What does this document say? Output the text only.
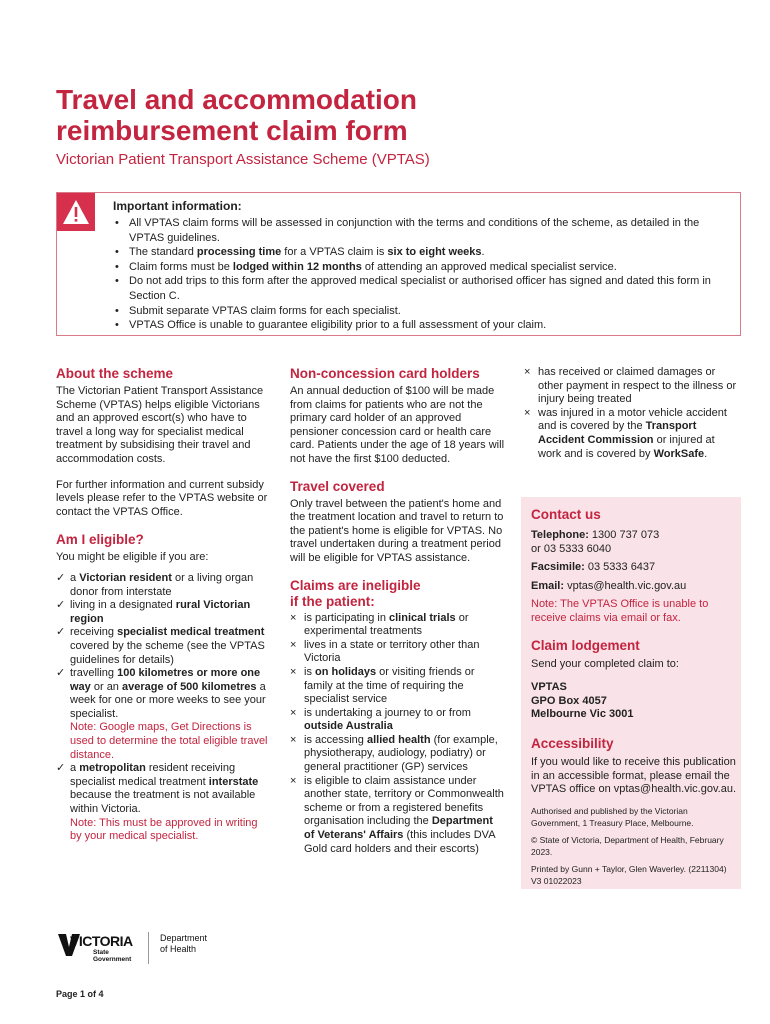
Travel and accommodation reimbursement claim form
Victorian Patient Transport Assistance Scheme (VPTAS)
Important information:
• All VPTAS claim forms will be assessed in conjunction with the terms and conditions of the scheme, as detailed in the VPTAS guidelines.
• The standard processing time for a VPTAS claim is six to eight weeks.
• Claim forms must be lodged within 12 months of attending an approved medical specialist service.
• Do not add trips to this form after the approved medical specialist or authorised officer has signed and dated this form in Section C.
• Submit separate VPTAS claim forms for each specialist.
• VPTAS Office is unable to guarantee eligibility prior to a full assessment of your claim.
About the scheme
The Victorian Patient Transport Assistance Scheme (VPTAS) helps eligible Victorians and an approved escort(s) who have to travel a long way for specialist medical treatment by subsidising their travel and accommodation costs.
For further information and current subsidy levels please refer to the VPTAS website or contact the VPTAS Office.
Am I eligible?
You might be eligible if you are:
✓ a Victorian resident or a living organ donor from interstate
✓ living in a designated rural Victorian region
✓ receiving specialist medical treatment covered by the scheme (see the VPTAS guidelines for details)
✓ travelling 100 kilometres or more one way or an average of 500 kilometres a week for one or more weeks to see your specialist.
Note: Google maps, Get Directions is used to determine the total eligible travel distance.
✓ a metropolitan resident receiving specialist medical treatment interstate because the treatment is not available within Victoria.
Note: This must be approved in writing by your medical specialist.
Non-concession card holders
An annual deduction of $100 will be made from claims for patients who are not the primary card holder of an approved pensioner concession card or health care card. Patients under the age of 18 years will not have the first $100 deducted.
Travel covered
Only travel between the patient's home and the treatment location and travel to return to the patient's home is eligible for VPTAS. No travel undertaken during a treatment period will be eligible for VPTAS assistance.
Claims are ineligible
if the patient:
× is participating in clinical trials or experimental treatments
× lives in a state or territory other than Victoria
× is on holidays or visiting friends or family at the time of requiring the specialist service
× is undertaking a journey to or from outside Australia
× is accessing allied health (for example, physiotherapy, audiology, podiatry) or general practitioner (GP) services
× is eligible to claim assistance under another state, territory or Commonwealth scheme or from a registered benefits organisation including the Department of Veterans' Affairs (this includes DVA Gold card holders and their escorts)
× has received or claimed damages or other payment in respect to the illness or injury being treated
× was injured in a motor vehicle accident and is covered by the Transport Accident Commission or injured at work and is covered by WorkSafe.
Contact us
Telephone: 1300 737 073
or 03 5333 6040
Facsimile: 03 5333 6437
Email: vptas@health.vic.gov.au
Note: The VPTAS Office is unable to receive claims via email or fax.
Claim lodgement
Send your completed claim to:
VPTAS
GPO Box 4057
Melbourne Vic 3001
Accessibility
If you would like to receive this publication in an accessible format, please email the VPTAS office on vptas@health.vic.gov.au.
Authorised and published by the Victorian Government, 1 Treasury Place, Melbourne.
© State of Victoria, Department of Health, February 2023.
Printed by Gunn + Taylor, Glen Waverley. (2211304) V3 01022023
VICTORIA
State
Government
Department
of Health
Page 1 of 4
